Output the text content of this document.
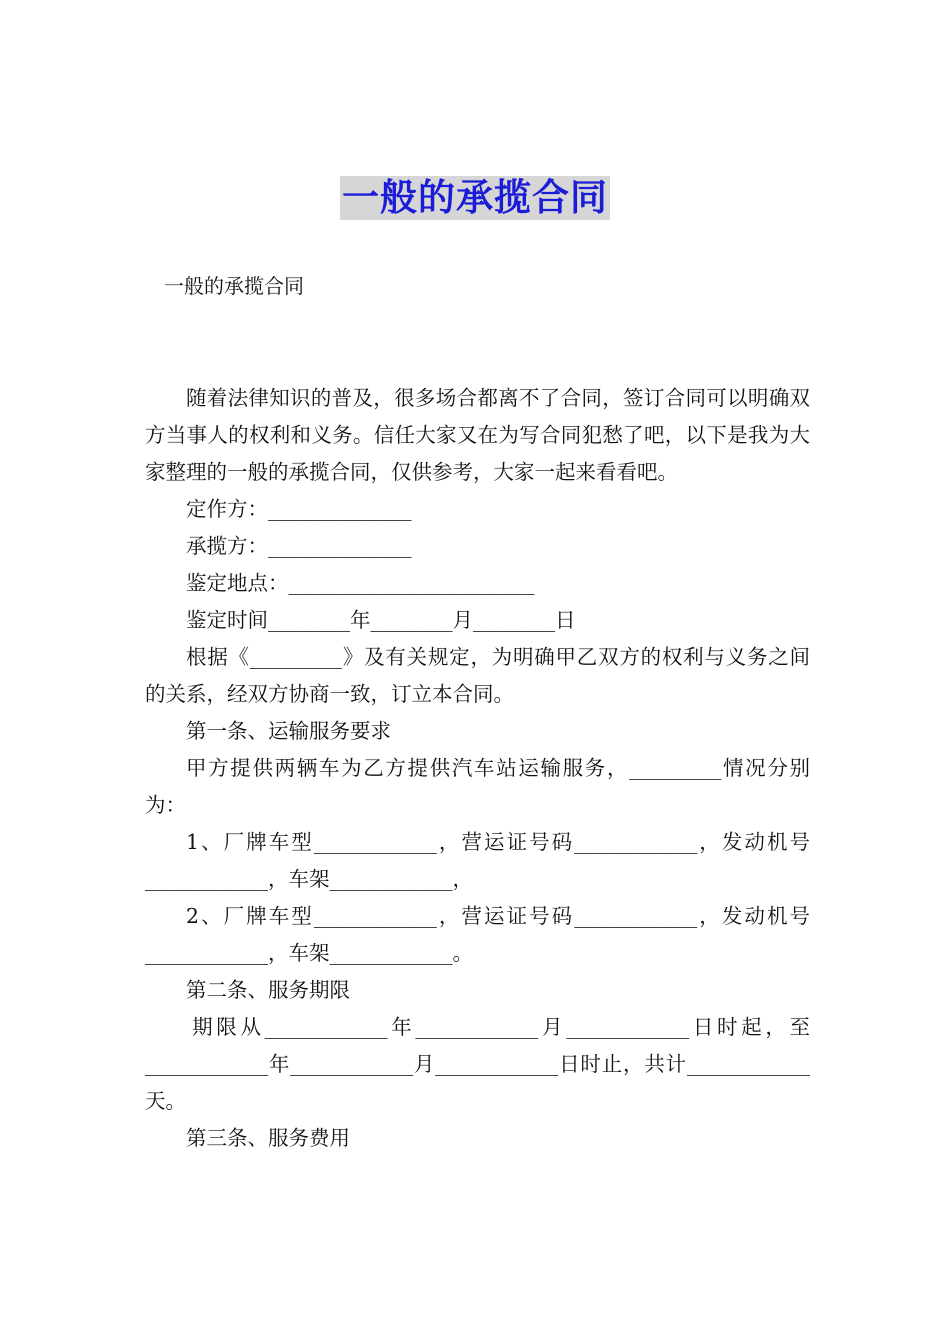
一般的承揽合同
一般的承揽合同

随着法律知识的普及，很多场合都离不了合同，签订合同可以明确双方当事人的权利和义务。信任大家又在为写合同犯愁了吧，以下是我为大家整理的一般的承揽合同，仅供参考，大家一起来看看吧。

定作方：______________

承揽方：______________

鉴定地点：________________________

鉴定时间________年________月________日

根据《_________》及有关规定，为明确甲乙双方的权利与义务之间的关系，经双方协商一致，订立本合同。

第一条、运输服务要求

甲方提供两辆车为乙方提供汽车站运输服务，_________情况分别为：

1、厂牌车型____________，营运证号码____________，发动机号____________，车架____________，

2、厂牌车型____________，营运证号码____________，发动机号____________，车架____________。

第二条、服务期限

期限从____________年____________月____________日时起，至____________年____________月____________日时止，共计____________天。

第三条、服务费用
